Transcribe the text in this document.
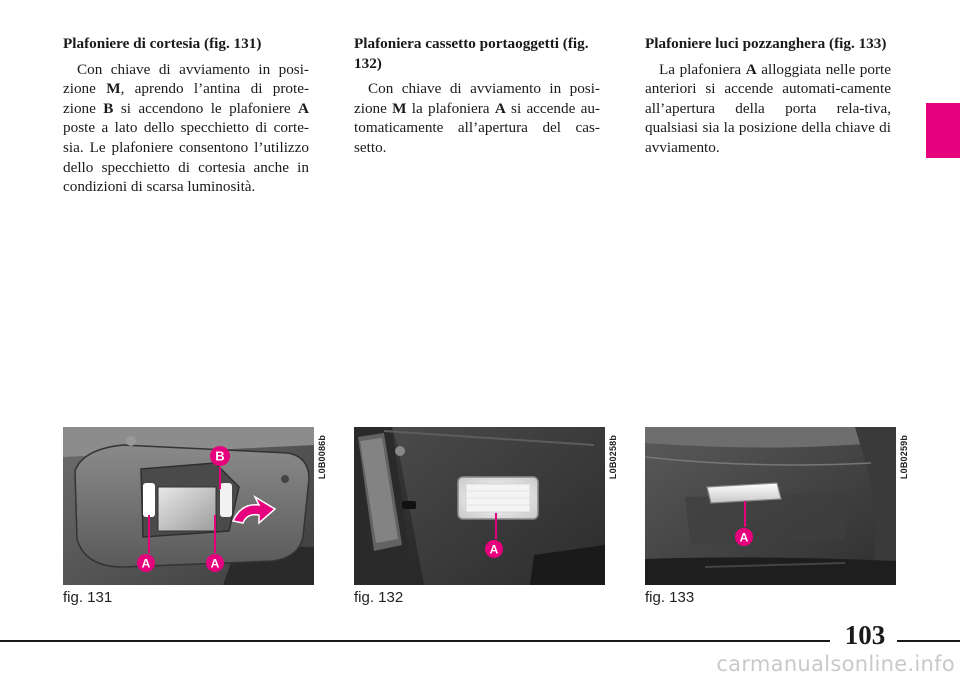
Plafoniere di cortesia (fig. 131)

Con chiave di avviamento in posi-zione M, aprendo l’antina di prote-zione B si accendono le plafoniere A poste a lato dello specchietto di corte-sia. Le plafoniere consentono l’utilizzo dello specchietto di cortesia anche in condizioni di scarsa luminosità.

Plafoniera cassetto portaoggetti (fig. 132)

Con chiave di avviamento in posi-zione M la plafoniera A si accende au-tomaticamente all’apertura del cas-setto.

Plafoniere luci pozzanghera (fig. 133)

La plafoniera A alloggiata nelle porte anteriori si accende automati-camente all’apertura della porta rela-tiva, qualsiasi sia la posizione della chiave di avviamento.

B
A	A
A
A
L0B0086b	L0B0258b	L0B0259b
fig. 131	fig. 132	fig. 133
103
carmanualsonline.info
